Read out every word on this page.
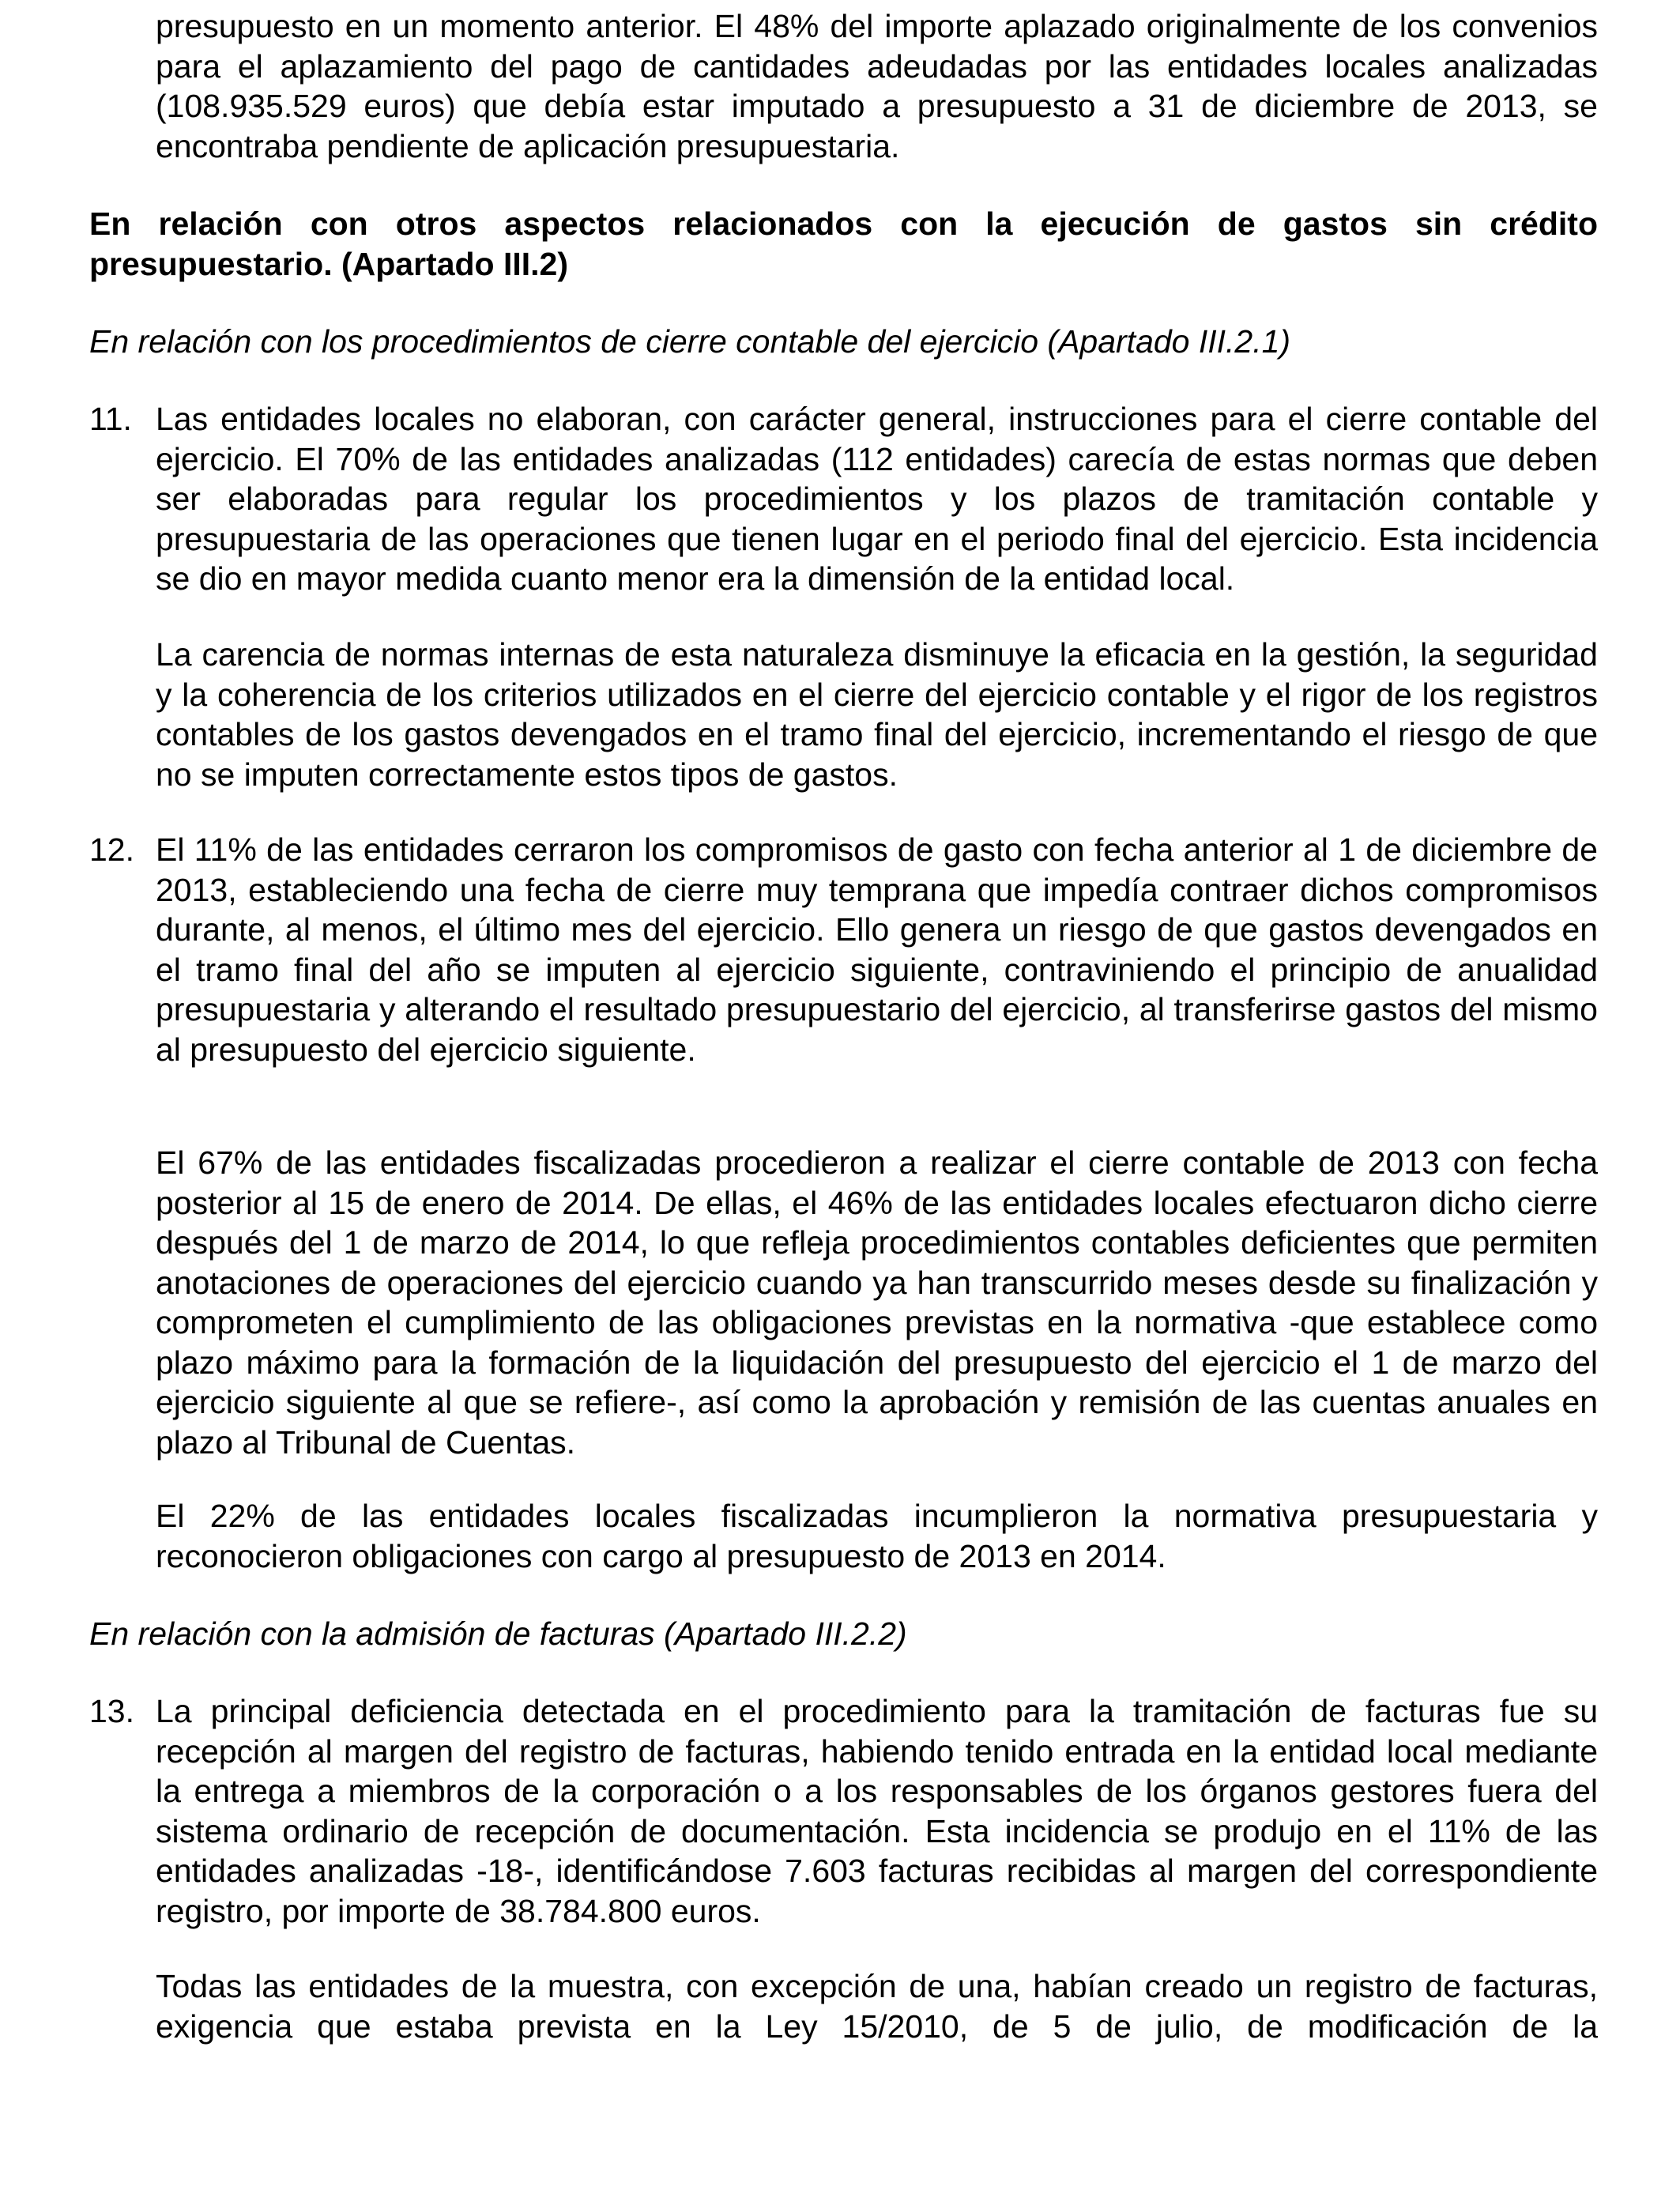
presupuesto en un momento anterior. El 48% del importe aplazado originalmente de los convenios para el aplazamiento del pago de cantidades adeudadas por las entidades locales analizadas (108.935.529 euros) que debía estar imputado a presupuesto a 31 de diciembre de 2013, se encontraba pendiente de aplicación presupuestaria.

En relación con otros aspectos relacionados con la ejecución de gastos sin crédito presupuestario. (Apartado III.2)

En relación con los procedimientos de cierre contable del ejercicio (Apartado III.2.1)

11. Las entidades locales no elaboran, con carácter general, instrucciones para el cierre contable del ejercicio. El 70% de las entidades analizadas (112 entidades) carecía de estas normas que deben ser elaboradas para regular los procedimientos y los plazos de tramitación contable y presupuestaria de las operaciones que tienen lugar en el periodo final del ejercicio. Esta incidencia se dio en mayor medida cuanto menor era la dimensión de la entidad local.

La carencia de normas internas de esta naturaleza disminuye la eficacia en la gestión, la seguridad y la coherencia de los criterios utilizados en el cierre del ejercicio contable y el rigor de los registros contables de los gastos devengados en el tramo final del ejercicio, incrementando el riesgo de que no se imputen correctamente estos tipos de gastos.

12. El 11% de las entidades cerraron los compromisos de gasto con fecha anterior al 1 de diciembre de 2013, estableciendo una fecha de cierre muy temprana que impedía contraer dichos compromisos durante, al menos, el último mes del ejercicio. Ello genera un riesgo de que gastos devengados en el tramo final del año se imputen al ejercicio siguiente, contraviniendo el principio de anualidad presupuestaria y alterando el resultado presupuestario del ejercicio, al transferirse gastos del mismo al presupuesto del ejercicio siguiente.

El 67% de las entidades fiscalizadas procedieron a realizar el cierre contable de 2013 con fecha posterior al 15 de enero de 2014. De ellas, el 46% de las entidades locales efectuaron dicho cierre después del 1 de marzo de 2014, lo que refleja procedimientos contables deficientes que permiten anotaciones de operaciones del ejercicio cuando ya han transcurrido meses desde su finalización y comprometen el cumplimiento de las obligaciones previstas en la normativa -que establece como plazo máximo para la formación de la liquidación del presupuesto del ejercicio el 1 de marzo del ejercicio siguiente al que se refiere-, así como la aprobación y remisión de las cuentas anuales en plazo al Tribunal de Cuentas.

El 22% de las entidades locales fiscalizadas incumplieron la normativa presupuestaria y reconocieron obligaciones con cargo al presupuesto de 2013 en 2014.

En relación con la admisión de facturas (Apartado III.2.2)

13. La principal deficiencia detectada en el procedimiento para la tramitación de facturas fue su recepción al margen del registro de facturas, habiendo tenido entrada en la entidad local mediante la entrega a miembros de la corporación o a los responsables de los órganos gestores fuera del sistema ordinario de recepción de documentación. Esta incidencia se produjo en el 11% de las entidades analizadas -18-, identificándose 7.603 facturas recibidas al margen del correspondiente registro, por importe de 38.784.800 euros.

Todas las entidades de la muestra, con excepción de una, habían creado un registro de facturas, exigencia que estaba prevista en la Ley 15/2010, de 5 de julio, de modificación de la
